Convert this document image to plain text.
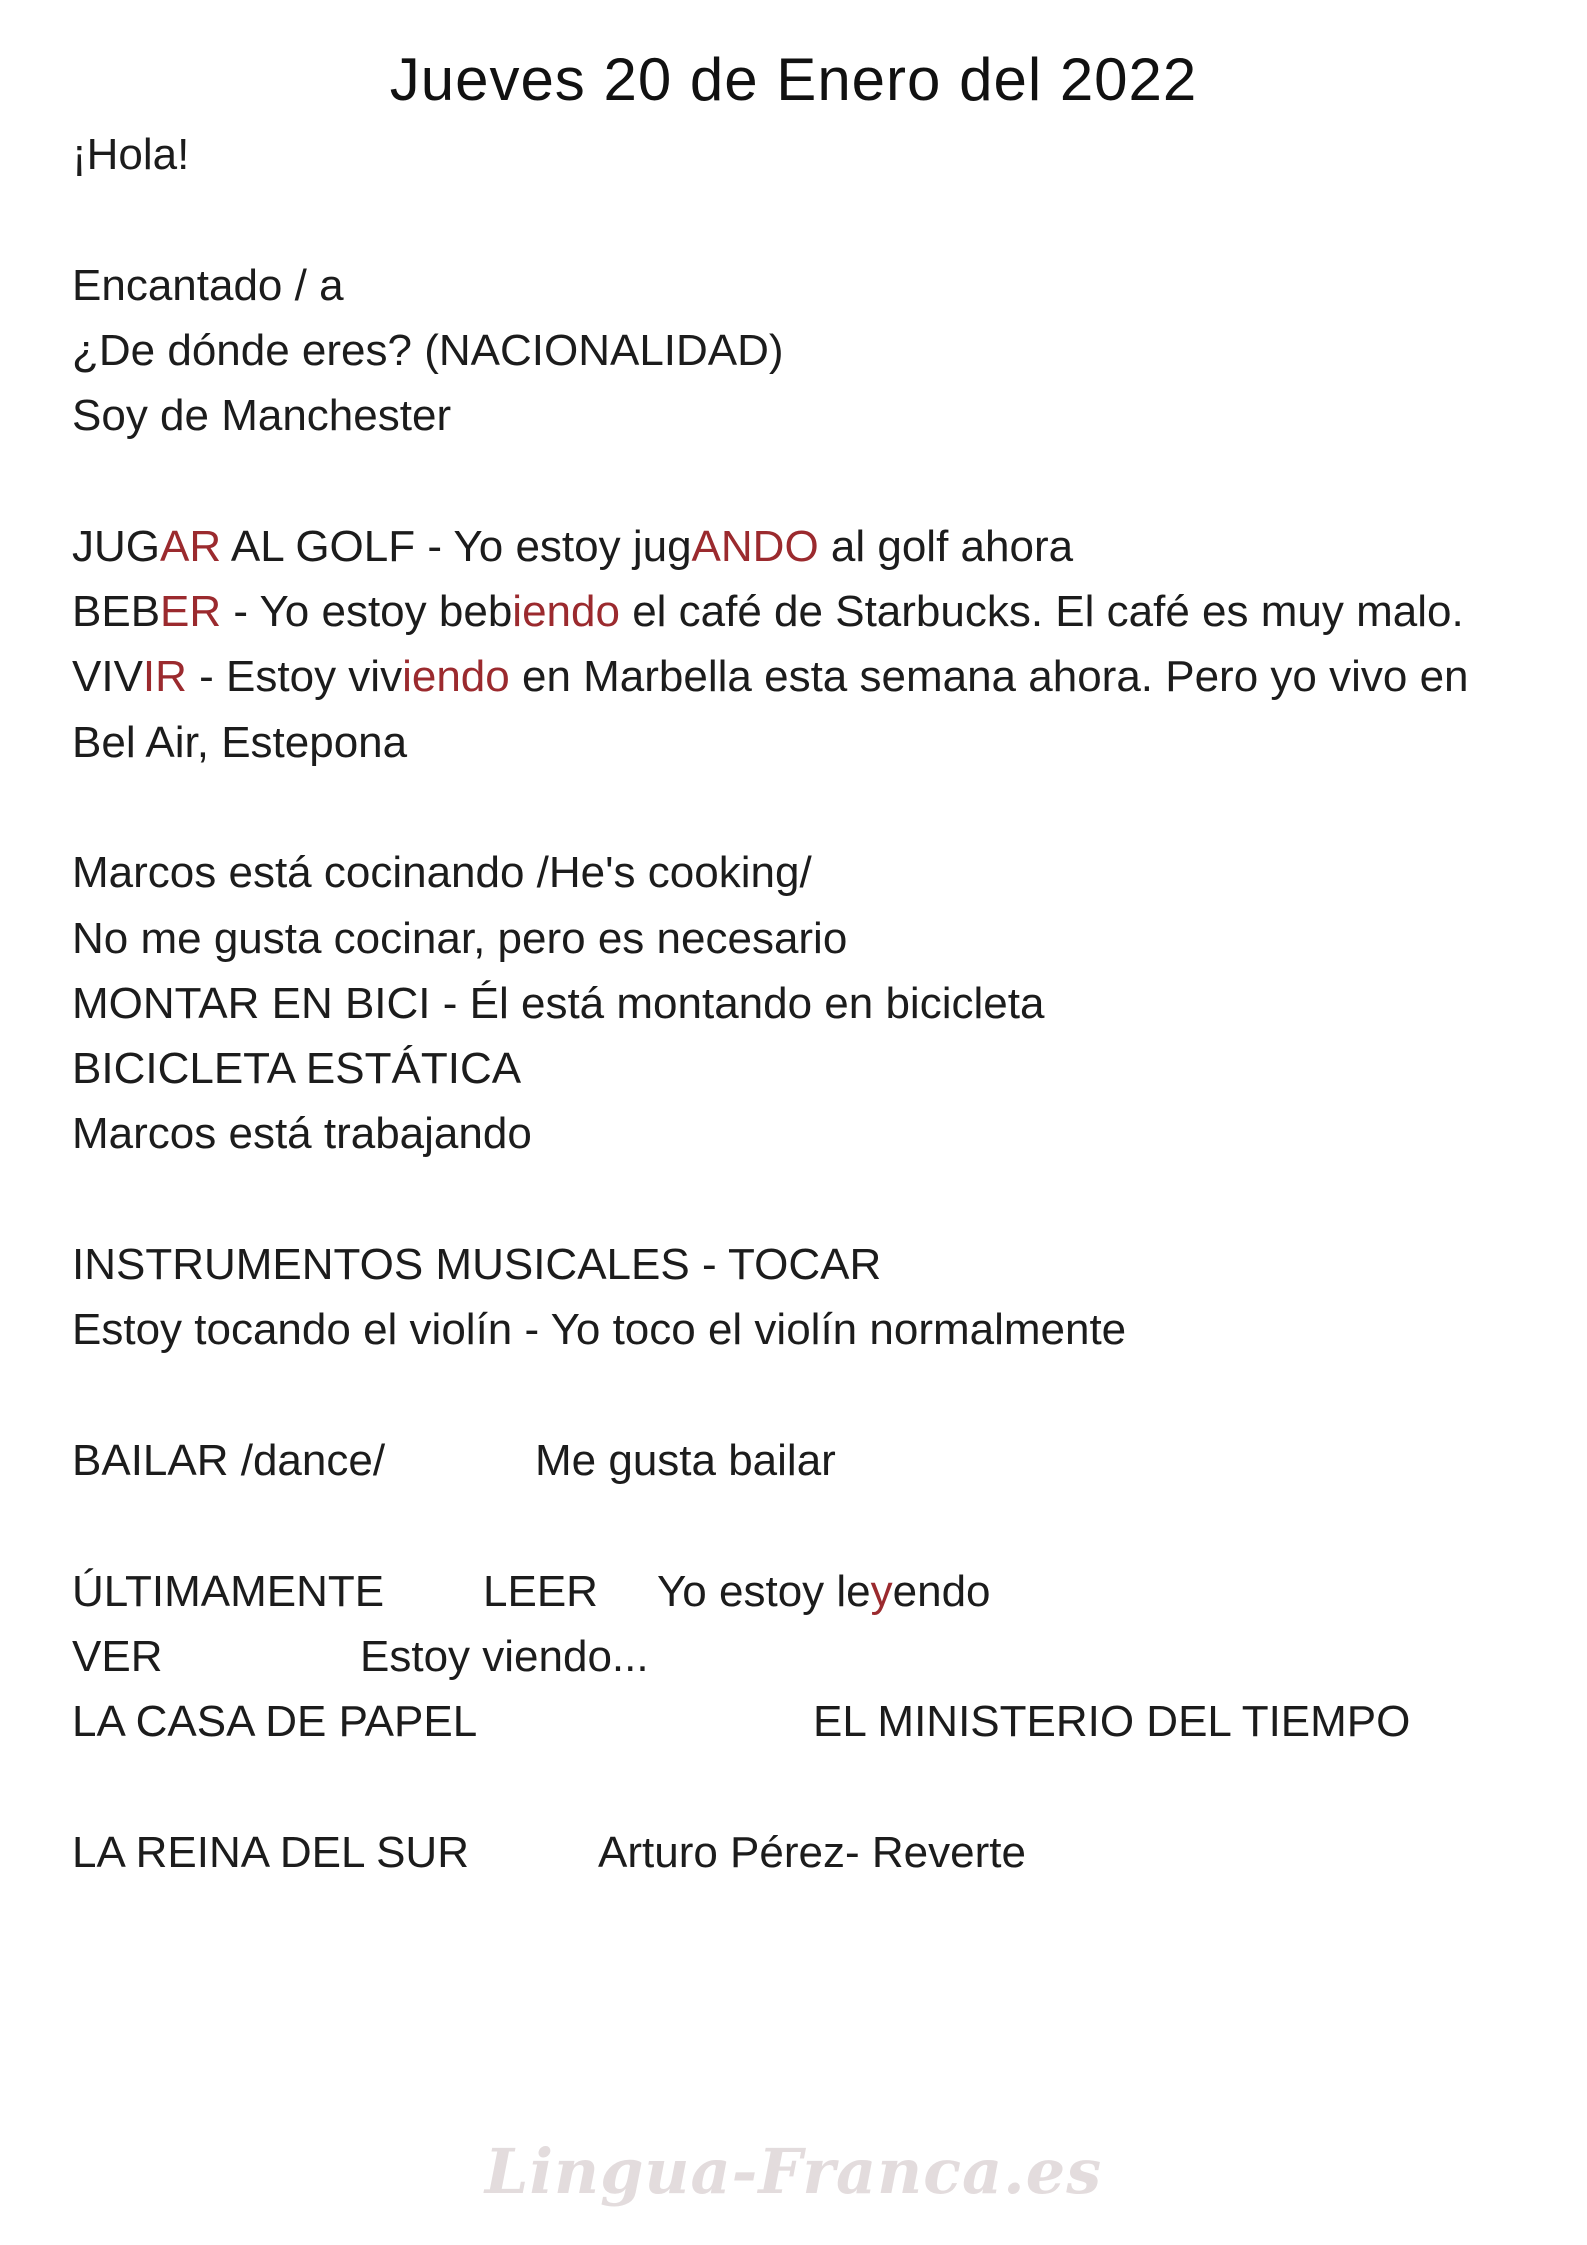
Jueves 20 de Enero del 2022
¡Hola!
Encantado / a
¿De dónde eres? (NACIONALIDAD)
Soy de Manchester
JUGAR AL GOLF - Yo estoy jugANDO al golf ahora
BEBER - Yo estoy bebiendo el café de Starbucks. El café es muy malo.
VIVIR - Estoy viviendo en Marbella esta semana ahora. Pero yo vivo en Bel Air, Estepona
Marcos está cocinando /He's cooking/
No me gusta cocinar, pero es necesario
MONTAR EN BICI - Él está montando en bicicleta
BICICLETA ESTÁTICA
Marcos está trabajando
INSTRUMENTOS MUSICALES - TOCAR
Estoy tocando el violín - Yo toco el violín normalmente
BAILAR /dance/	Me gusta bailar
ÚLTIMAMENTE LEER Yo estoy leyendo
VER	Estoy viendo...
LA CASA DE PAPEL	EL MINISTERIO DEL TIEMPO
LA REINA DEL SUR	Arturo Pérez- Reverte
Lingua-Franca.es
